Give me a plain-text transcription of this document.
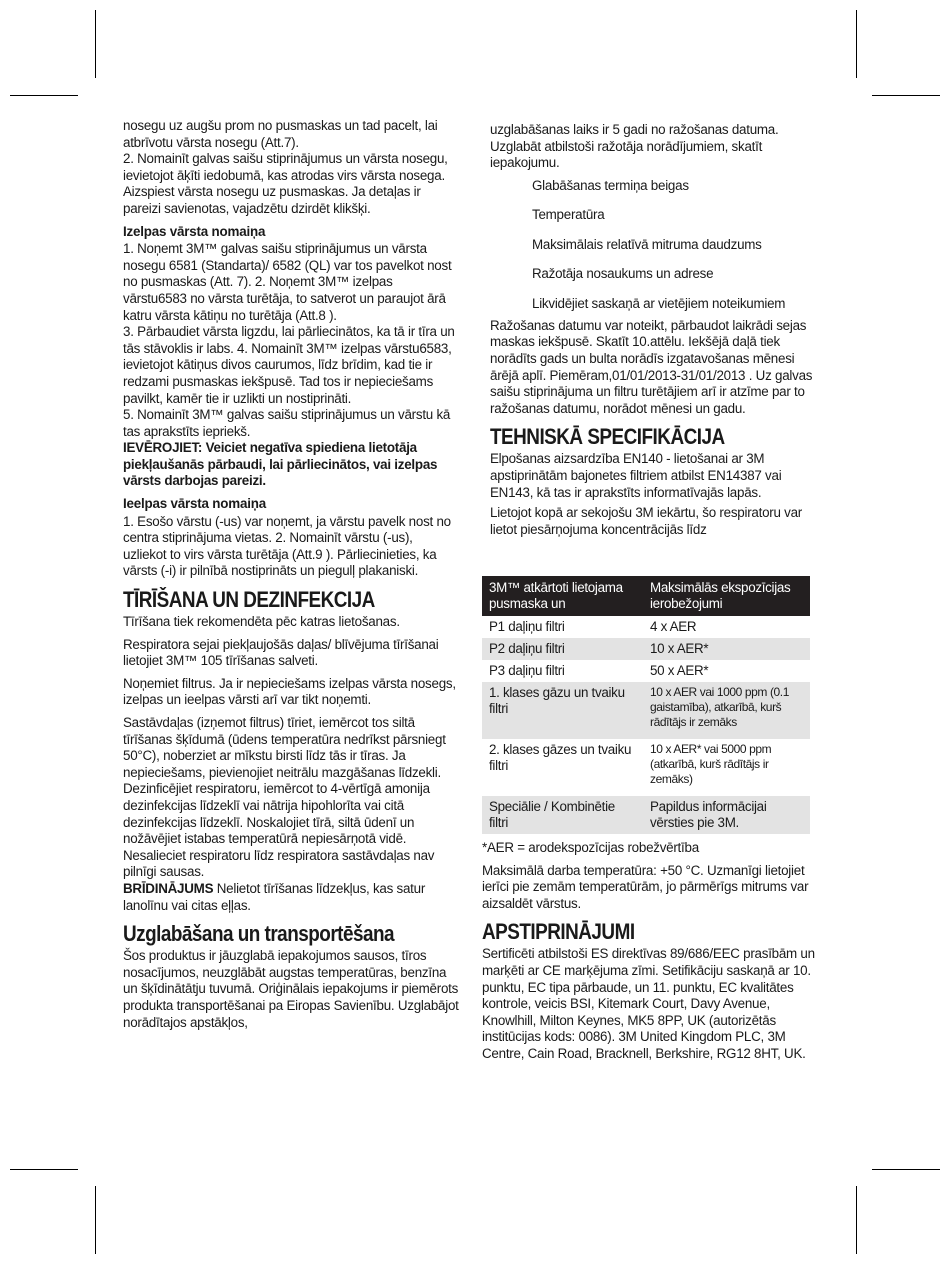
nosegu uz augšu prom no pusmaskas un tad pacelt, lai atbrīvotu vārsta nosegu (Att.7).

2. Nomainīt galvas saišu stiprinājumus un vārsta nosegu, ievietojot āķīti iedobumā, kas atrodas virs vārsta nosega. Aizspiest vārsta nosegu uz pusmaskas. Ja detaļas ir pareizi savienotas, vajadzētu dzirdēt klikšķi.

Izelpas vārsta nomaiņa

1. Noņemt 3M™ galvas saišu stiprinājumus un vārsta nosegu 6581 (Standarta)/ 6582 (QL) var tos pavelkot nost no pusmaskas (Att. 7). 2. Noņemt 3M™ izelpas vārstu6583 no vārsta turētāja, to satverot un paraujot ārā katru vārsta kātiņu no turētāja (Att.8 ).

3. Pārbaudiet vārsta ligzdu, lai pārliecinātos, ka tā ir tīra un tās stāvoklis ir labs. 4. Nomainīt 3M™ izelpas vārstu6583, ievietojot kātiņus divos caurumos, līdz brīdim, kad tie ir redzami pusmaskas iekšpusē. Tad tos ir nepieciešams pavilkt, kamēr tie ir uzlikti un nostiprināti.

5. Nomainīt 3M™ galvas saišu stiprinājumus un vārstu kā tas aprakstīts iepriekš.

IEVĒROJIET: Veiciet negatīva spiediena lietotāja piekļaušanās pārbaudi, lai pārliecinātos, vai izelpas vārsts darbojas pareizi.

Ieelpas vārsta nomaiņa

1. Esošo vārstu (-us) var noņemt, ja vārstu pavelk nost no centra stiprinājuma vietas. 2. Nomainīt vārstu (-us), uzliekot to virs vārsta turētāja (Att.9 ). Pārliecinieties, ka vārsts (-i) ir pilnībā nostiprināts un piegulļ plakaniski.

TĪRĪŠANA UN DEZINFEKCIJA

Tīrīšana tiek rekomendēta pēc katras lietošanas.

Respiratora sejai piekļaujošās daļas/ blīvējuma tīrīšanai lietojiet 3M™ 105 tīrīšanas salveti.

Noņemiet filtrus. Ja ir nepieciešams izelpas vārsta nosegs, izelpas un ieelpas vārsti arī var tikt noņemti.

Sastāvdaļas (izņemot filtrus) tīriet, iemērcot tos siltā tīrīšanas šķīdumā (ūdens temperatūra nedrīkst pārsniegt 50°C), noberziet ar mīkstu birsti līdz tās ir tīras. Ja nepieciešams, pievienojiet neitrālu mazgāšanas līdzekli. Dezinficējiet respiratoru, iemērcot to 4-vērtīgā amonija dezinfekcijas līdzeklī vai nātrija hipohlorīta vai citā dezinfekcijas līdzeklī. Noskalojiet tīrā, siltā ūdenī un nožāvējiet istabas temperatūrā nepiesārņotā vidē. Nesalieciet respiratoru līdz respiratora sastāvdaļas nav pilnīgi sausas.

BRĪDINĀJUMS Nelietot tīrīšanas līdzekļus, kas satur lanolīnu vai citas eļļas.

Uzglabāšana un transportēšana

Šos produktus ir jāuzglabā iepakojumos sausos, tīros nosacījumos, neuzglābāt augstas temperatūras, benzīna un šķīdinātātju tuvumā. Oriģinālais iepakojums ir piemērots produkta transportēšanai pa Eiropas Savienību. Uzglabājot norādītajos apstākļos,

uzglabāšanas laiks ir 5 gadi no ražošanas datuma. Uzglabāt atbilstoši ražotāja norādījumiem, skatīt iepakojumu.

Glabāšanas termiņa beigas
Temperatūra
Maksimālais relatīvā mitruma daudzums
Ražotāja nosaukums un adrese
Likvidējiet saskaņā ar vietējiem noteikumiem

Ražošanas datumu var noteikt, pārbaudot laikrādi sejas maskas iekšpusē. Skatīt 10.attēlu. Iekšējā daļā tiek norādīts gads un bulta norādīs izgatavošanas mēnesi ārējā aplī. Piemēram,01/01/2013-31/01/2013 . Uz galvas saišu stiprinājuma un filtru turētājiem arī ir atzīme par to ražošanas datumu, norādot mēnesi un gadu.

TEHNISKĀ SPECIFIKĀCIJA

Elpošanas aizsardzība EN140 - lietošanai ar 3M apstiprinātām bajonetes filtriem atbilst EN14387 vai EN143, kā tas ir aprakstīts informatīvajās lapās.

Lietojot kopā ar sekojošu 3M iekārtu, šo respiratoru var lietot piesārņojuma koncentrācijās līdz

3M™ atkārtoti lietojama pusmaska un	Maksimālās ekspozīcijas ierobežojumi
P1 daļiņu filtri	4 x AER
P2 daļiņu filtri	10 x AER*
P3 daļiņu filtri	50 x AER*
1. klases gāzu un tvaiku filtri	10 x AER vai 1000 ppm (0.1 gaistamība), atkarībā, kurš rādītājs ir zemāks
2. klases gāzes un tvaiku filtri	10 x AER* vai 5000 ppm (atkarībā, kurš rādītājs ir zemāks)
Speciālie / Kombinētie filtri	Papildus informācijai vērsties pie 3M.

*AER = arodekspozīcijas robežvērtība

Maksimālā darba temperatūra: +50 °C. Uzmanīgi lietojiet ierīci pie zemām temperatūrām, jo pārmērīgs mitrums var aizsaldēt vārstus.

APSTIPRINĀJUMI

Sertificēti atbilstoši ES direktīvas 89/686/EEC prasībām un marķēti ar CE marķējuma zīmi. Setifikāciju saskaņā ar 10. punktu, EC tipa pārbaude, un 11. punktu, EC kvalitātes kontrole, veicis BSI, Kitemark Court, Davy Avenue, Knowlhill, Milton Keynes, MK5 8PP, UK (autorizētās institūcijas kods: 0086). 3M United Kingdom PLC, 3M Centre, Cain Road, Bracknell, Berkshire, RG12 8HT, UK.
